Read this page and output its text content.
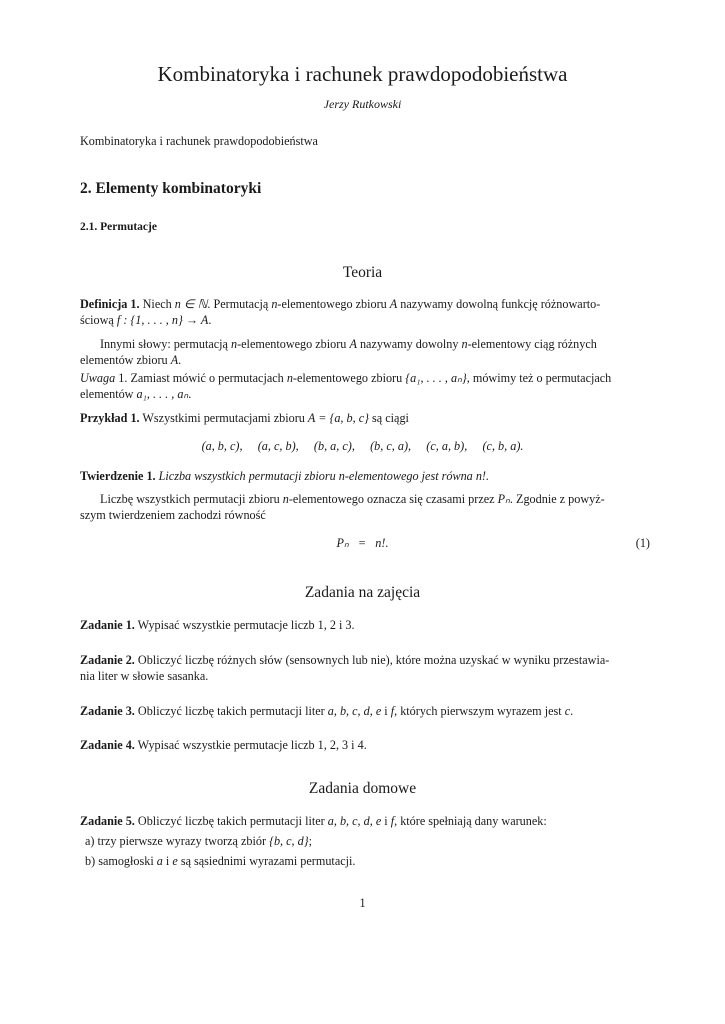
Kombinatoryka i rachunek prawdopodobieństwa
Jerzy Rutkowski
Kombinatoryka i rachunek prawdopodobieństwa
2. Elementy kombinatoryki
2.1. Permutacje
Teoria
Definicja 1. Niech n ∈ ℕ. Permutacją n-elementowego zbioru A nazywamy dowolną funkcję różnowarto-
ściową f : {1, . . . , n} → A.
Innymi słowy: permutacją n-elementowego zbioru A nazywamy dowolny n-elementowy ciąg różnych
elementów zbioru A.
Uwaga 1. Zamiast mówić o permutacjach n-elementowego zbioru {a₁, . . . , aₙ}, mówimy też o permutacjach
elementów a₁, . . . , aₙ.
Przykład 1. Wszystkimi permutacjami zbioru A = {a, b, c} są ciągi
(a, b, c),     (a, c, b),     (b, a, c),     (b, c, a),     (c, a, b),     (c, b, a).
Twierdzenie 1. Liczba wszystkich permutacji zbioru n-elementowego jest równa n!.
Liczbę wszystkich permutacji zbioru n-elementowego oznacza się czasami przez Pₙ. Zgodnie z powyż-
szym twierdzeniem zachodzi równość
Pₙ   =   n!.	(1)
Zadania na zajęcia
Zadanie 1. Wypisać wszystkie permutacje liczb 1, 2 i 3.
Zadanie 2. Obliczyć liczbę różnych słów (sensownych lub nie), które można uzyskać w wyniku przestawia-
nia liter w słowie sasanka.
Zadanie 3. Obliczyć liczbę takich permutacji liter a, b, c, d, e i f, których pierwszym wyrazem jest c.
Zadanie 4. Wypisać wszystkie permutacje liczb 1, 2, 3 i 4.
Zadania domowe
Zadanie 5. Obliczyć liczbę takich permutacji liter a, b, c, d, e i f, które spełniają dany warunek:
a) trzy pierwsze wyrazy tworzą zbiór {b, c, d};
b) samogłoski a i e są sąsiednimi wyrazami permutacji.
1
